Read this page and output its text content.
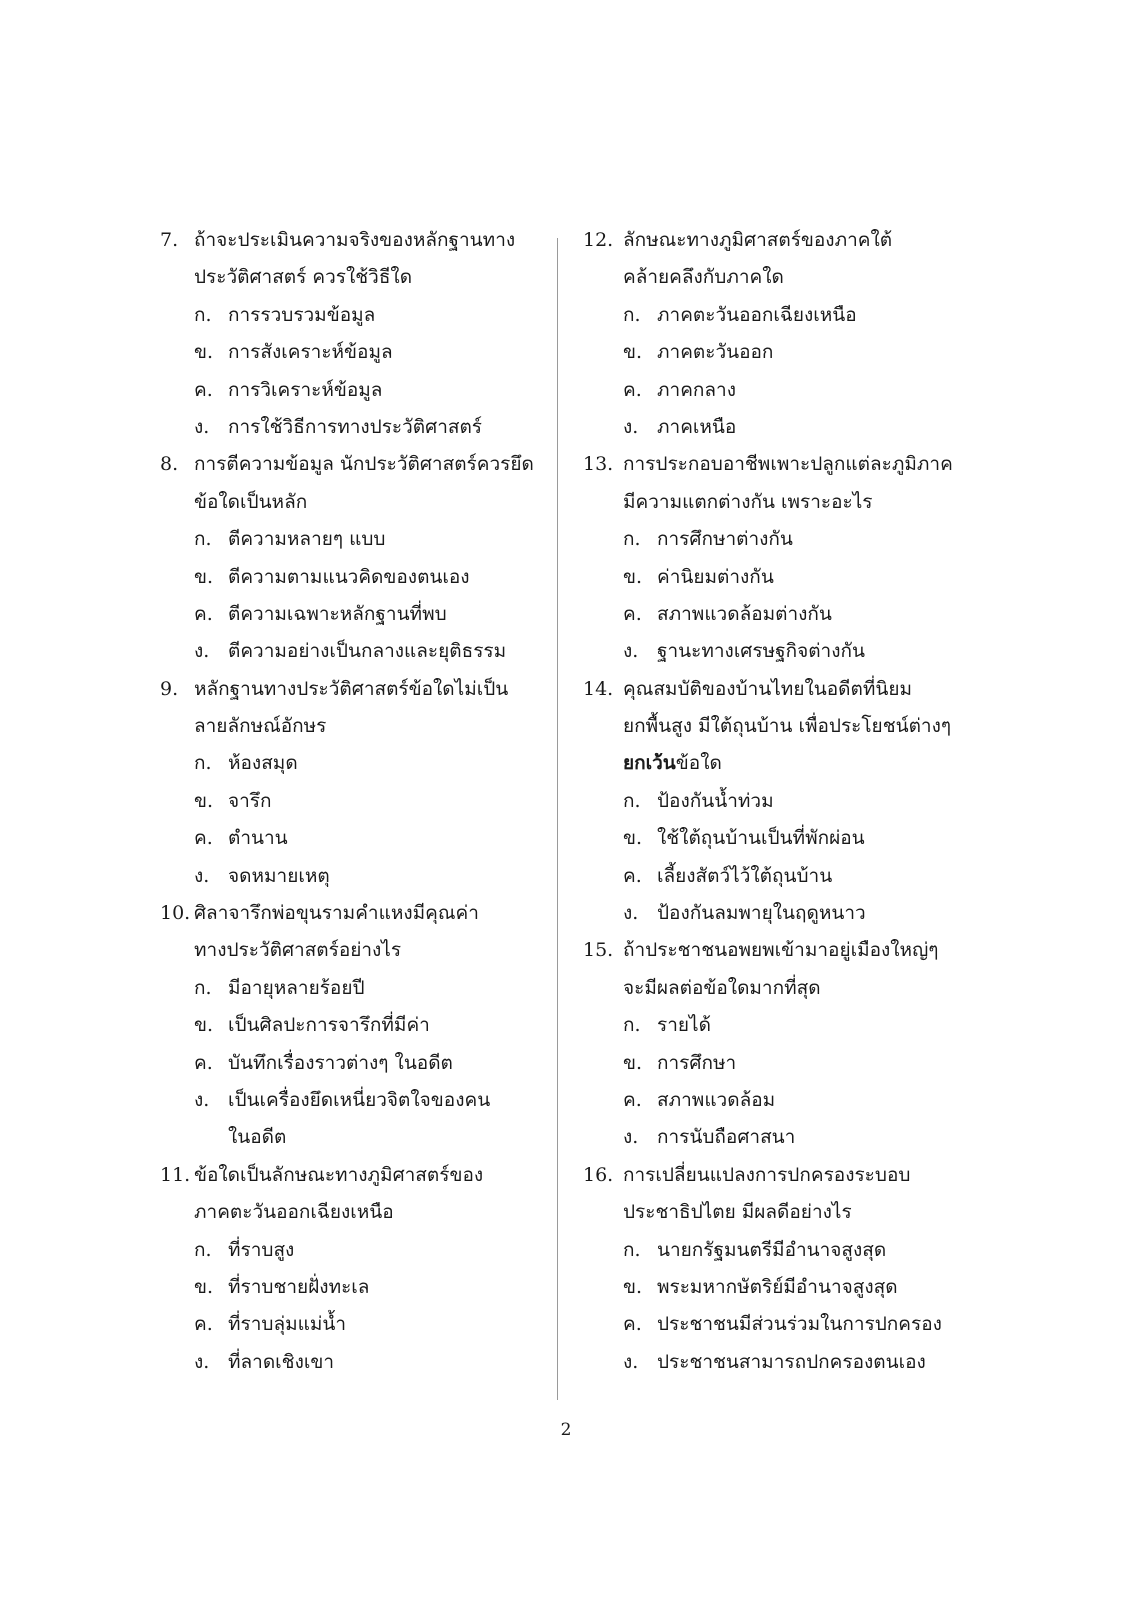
7. ถ้าจะประเมินความจริงของหลักฐานทาง
ประวัติศาสตร์ ควรใช้วิธีใด
ก. การรวบรวมข้อมูล
ข. การสังเคราะห์ข้อมูล
ค. การวิเคราะห์ข้อมูล
ง. การใช้วิธีการทางประวัติศาสตร์
8. การตีความข้อมูล นักประวัติศาสตร์ควรยึด
ข้อใดเป็นหลัก
ก. ตีความหลายๆ แบบ
ข. ตีความตามแนวคิดของตนเอง
ค. ตีความเฉพาะหลักฐานที่พบ
ง. ตีความอย่างเป็นกลางและยุติธรรม
9. หลักฐานทางประวัติศาสตร์ข้อใดไม่เป็น
ลายลักษณ์อักษร
ก. ห้องสมุด
ข. จารึก
ค. ตำนาน
ง. จดหมายเหตุ
10. ศิลาจารึกพ่อขุนรามคำแหงมีคุณค่า
ทางประวัติศาสตร์อย่างไร
ก. มีอายุหลายร้อยปี
ข. เป็นศิลปะการจารึกที่มีค่า
ค. บันทึกเรื่องราวต่างๆ ในอดีต
ง. เป็นเครื่องยึดเหนี่ยวจิตใจของคน
ในอดีต
11. ข้อใดเป็นลักษณะทางภูมิศาสตร์ของ
ภาคตะวันออกเฉียงเหนือ
ก. ที่ราบสูง
ข. ที่ราบชายฝั่งทะเล
ค. ที่ราบลุ่มแม่น้ำ
ง. ที่ลาดเชิงเขา
12. ลักษณะทางภูมิศาสตร์ของภาคใต้
คล้ายคลึงกับภาคใด
ก. ภาคตะวันออกเฉียงเหนือ
ข. ภาคตะวันออก
ค. ภาคกลาง
ง. ภาคเหนือ
13. การประกอบอาชีพเพาะปลูกแต่ละภูมิภาค
มีความแตกต่างกัน เพราะอะไร
ก. การศึกษาต่างกัน
ข. ค่านิยมต่างกัน
ค. สภาพแวดล้อมต่างกัน
ง. ฐานะทางเศรษฐกิจต่างกัน
14. คุณสมบัติของบ้านไทยในอดีตที่นิยม
ยกพื้นสูง มีใต้ถุนบ้าน เพื่อประโยชน์ต่างๆ
ยกเว้นข้อใด
ก. ป้องกันน้ำท่วม
ข. ใช้ใต้ถุนบ้านเป็นที่พักผ่อน
ค. เลี้ยงสัตว์ไว้ใต้ถุนบ้าน
ง. ป้องกันลมพายุในฤดูหนาว
15. ถ้าประชาชนอพยพเข้ามาอยู่เมืองใหญ่ๆ
จะมีผลต่อข้อใดมากที่สุด
ก. รายได้
ข. การศึกษา
ค. สภาพแวดล้อม
ง. การนับถือศาสนา
16. การเปลี่ยนแปลงการปกครองระบอบ
ประชาธิปไตย มีผลดีอย่างไร
ก. นายกรัฐมนตรีมีอำนาจสูงสุด
ข. พระมหากษัตริย์มีอำนาจสูงสุด
ค. ประชาชนมีส่วนร่วมในการปกครอง
ง. ประชาชนสามารถปกครองตนเอง
2
